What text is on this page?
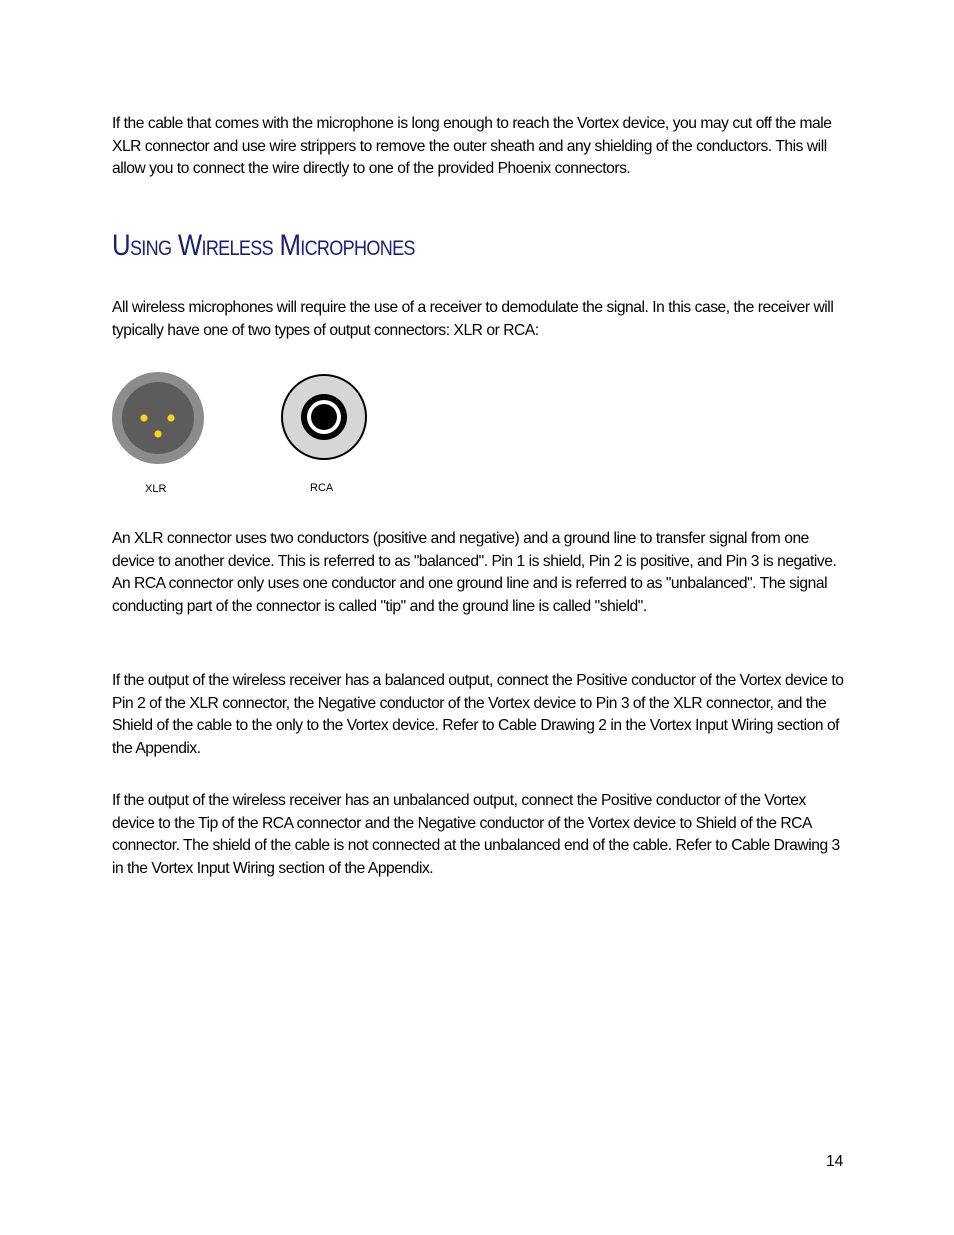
If the cable that comes with the microphone is long enough to reach the Vortex device, you may cut off the male XLR connector and use wire strippers to remove the outer sheath and any shielding of the conductors. This will allow you to connect the wire directly to one of the provided Phoenix connectors.

Using Wireless Microphones

All wireless microphones will require the use of a receiver to demodulate the signal. In this case, the receiver will typically have one of two types of output connectors: XLR or RCA:

XLR	RCA

An XLR connector uses two conductors (positive and negative) and a ground line to transfer signal from one device to another device. This is referred to as "balanced". Pin 1 is shield, Pin 2 is positive, and Pin 3 is negative. An RCA connector only uses one conductor and one ground line and is referred to as "unbalanced". The signal conducting part of the connector is called "tip" and the ground line is called "shield".

If the output of the wireless receiver has a balanced output, connect the Positive conductor of the Vortex device to Pin 2 of the XLR connector, the Negative conductor of the Vortex device to Pin 3 of the XLR connector, and the Shield of the cable to the only to the Vortex device. Refer to Cable Drawing 2 in the Vortex Input Wiring section of the Appendix.

If the output of the wireless receiver has an unbalanced output, connect the Positive conductor of the Vortex device to the Tip of the RCA connector and the Negative conductor of the Vortex device to Shield of the RCA connector. The shield of the cable is not connected at the unbalanced end of the cable. Refer to Cable Drawing 3 in the Vortex Input Wiring section of the Appendix.

14
